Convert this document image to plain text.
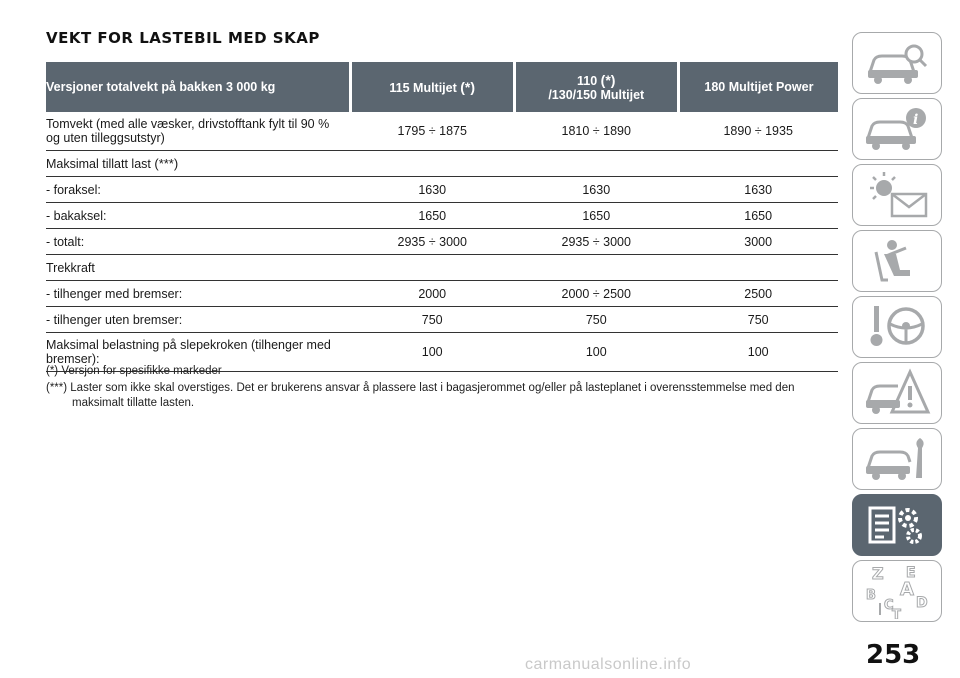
VEKT FOR LASTEBIL MED SKAP
Versjoner totalvekt på bakken 3 000 kg	115 Multijet (*)	110 (*)
/130/150 Multijet	180 Multijet Power
Tomvekt (med alle væsker, drivstofftank fylt til 90 % og uten tilleggsutstyr)	1795 ÷ 1875	1810 ÷ 1890	1890 ÷ 1935
Maksimal tillatt last (***)			
- foraksel:	1630	1630	1630
- bakaksel:	1650	1650	1650
- totalt:	2935 ÷ 3000	2935 ÷ 3000	3000
Trekkraft			
- tilhenger med bremser:	2000	2000 ÷ 2500	2500
- tilhenger uten bremser:	750	750	750
Maksimal belastning på slepekroken (tilhenger med bremser):	100	100	100

(*) Versjon for spesifikke markeder

(***) Laster som ikke skal overstiges. Det er brukerens ansvar å plassere last i bagasjerommet og/eller på lasteplanet i overensstemmelse med den maksimalt tillatte lasten.

i
Z E
A
B
C D
T
253
carmanualsonline.info
